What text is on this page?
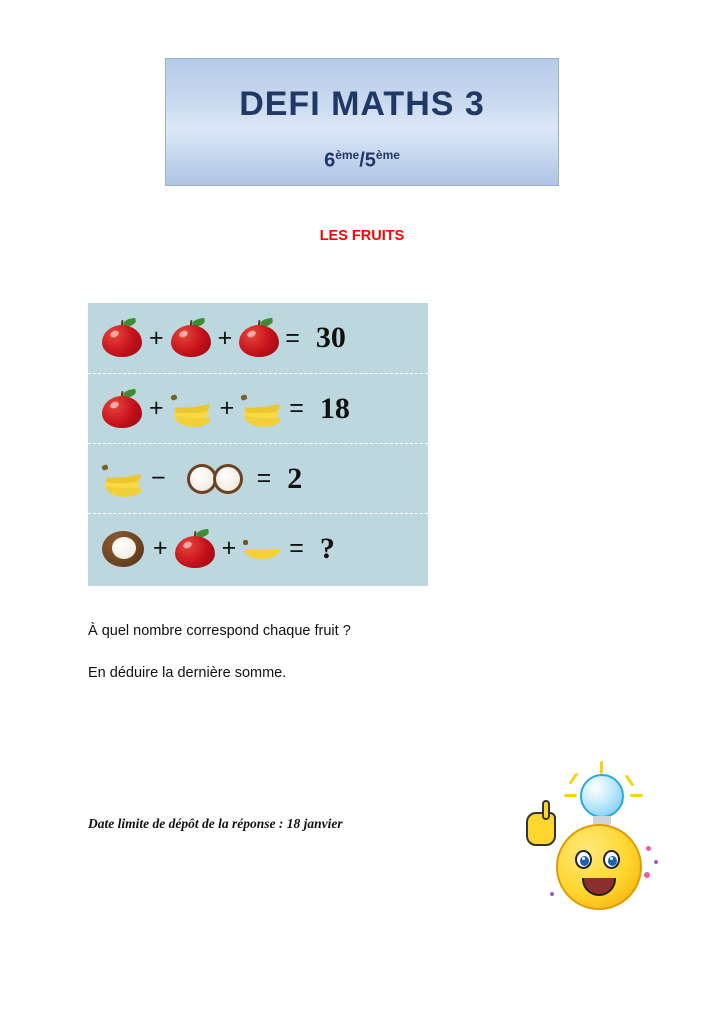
DEFI MATHS 3
6ème/5ème
LES FRUITS
+ + = 30
+ + = 18
−	= 2
+ + = ?
À quel nombre correspond chaque fruit ?
En déduire la dernière somme.
Date limite de dépôt de la réponse : 18 janvier
